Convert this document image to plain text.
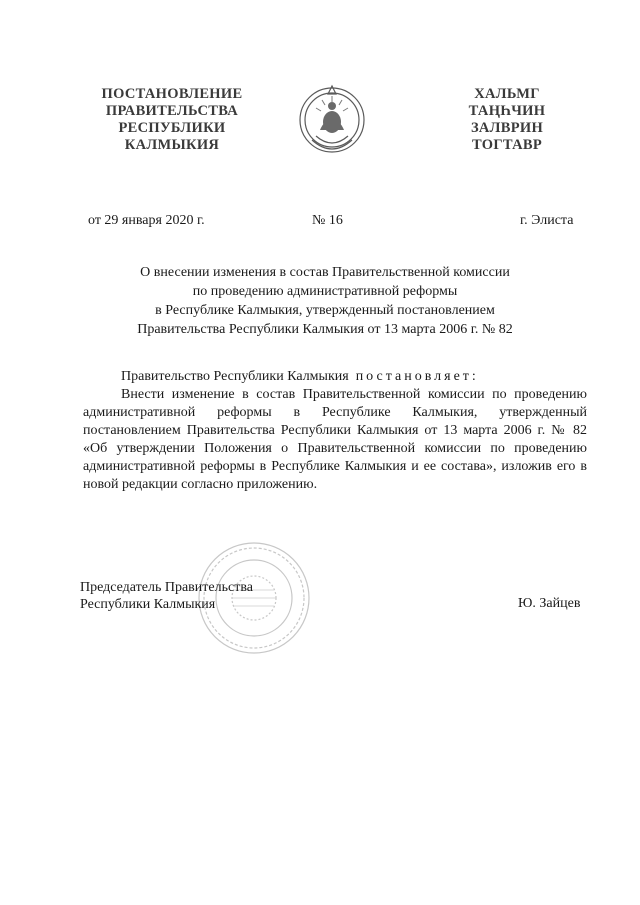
ПОСТАНОВЛЕНИЕ
ПРАВИТЕЛЬСТВА
РЕСПУБЛИКИ
КАЛМЫКИЯ
ХАЛЬМГ
ТАҢҺЧИН
ЗАЛВРИН
ТОГТАВР
от 29 января 2020 г.	№ 16	г. Элиста
О внесении изменения в состав Правительственной комиссии
по проведению административной реформы
в Республике Калмыкия, утвержденный постановлением
Правительства Республики Калмыкия от 13 марта 2006 г. № 82
Правительство Республики Калмыкия постановляет:
Внести изменение в состав Правительственной комиссии по проведению административной реформы в Республике Калмыкия, утвержденный постановлением Правительства Республики Калмыкия от 13 марта 2006 г. № 82 «Об утверждении Положения о Правительственной комиссии по проведению административной реформы в Республике Калмыкия и ее состава», изложив его в новой редакции согласно приложению.
Председатель Правительства
Республики Калмыкия	Ю. Зайцев
